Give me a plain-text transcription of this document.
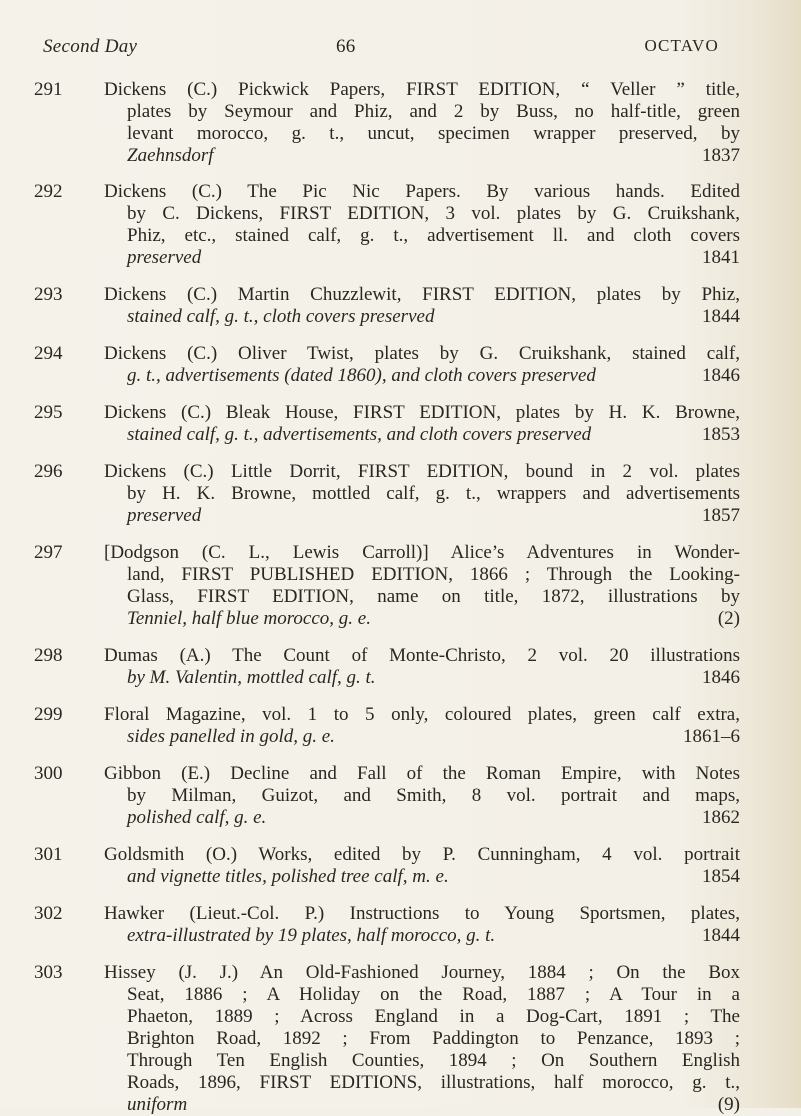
Second Day	66	OCTAVO
291	Dickens (C.) Pickwick Papers, FIRST EDITION, “ Veller ” title,
plates by Seymour and Phiz, and 2 by Buss, no half-title, green
levant morocco, g. t., uncut, specimen wrapper preserved, by
Zaehnsdorf	1837
292	Dickens (C.) The Pic Nic Papers. By various hands. Edited
by C. Dickens, FIRST EDITION, 3 vol. plates by G. Cruikshank,
Phiz, etc., stained calf, g. t., advertisement ll. and cloth covers
preserved	1841
293	Dickens (C.) Martin Chuzzlewit, FIRST EDITION, plates by Phiz,
stained calf, g. t., cloth covers preserved	1844
294	Dickens (C.) Oliver Twist, plates by G. Cruikshank, stained calf,
g. t., advertisements (dated 1860), and cloth covers preserved	1846
295	Dickens (C.) Bleak House, FIRST EDITION, plates by H. K. Browne,
stained calf, g. t., advertisements, and cloth covers preserved	1853
296	Dickens (C.) Little Dorrit, FIRST EDITION, bound in 2 vol. plates
by H. K. Browne, mottled calf, g. t., wrappers and advertisements
preserved	1857
297	[Dodgson (C. L., Lewis Carroll)] Alice’s Adventures in Wonder-
land, FIRST PUBLISHED EDITION, 1866 ; Through the Looking-
Glass, FIRST EDITION, name on title, 1872, illustrations by
Tenniel, half blue morocco, g. e.	(2)
298	Dumas (A.) The Count of Monte-Christo, 2 vol. 20 illustrations
by M. Valentin, mottled calf, g. t.	1846
299	Floral Magazine, vol. 1 to 5 only, coloured plates, green calf extra,
sides panelled in gold, g. e.	1861–6
300	Gibbon (E.) Decline and Fall of the Roman Empire, with Notes
by Milman, Guizot, and Smith, 8 vol. portrait and maps,
polished calf, g. e.	1862
301	Goldsmith (O.) Works, edited by P. Cunningham, 4 vol. portrait
and vignette titles, polished tree calf, m. e.	1854
302	Hawker (Lieut.-Col. P.) Instructions to Young Sportsmen, plates,
extra-illustrated by 19 plates, half morocco, g. t.	1844
303	Hissey (J. J.) An Old-Fashioned Journey, 1884 ; On the Box
Seat, 1886 ; A Holiday on the Road, 1887 ; A Tour in a
Phaeton, 1889 ; Across England in a Dog-Cart, 1891 ; The
Brighton Road, 1892 ; From Paddington to Penzance, 1893 ;
Through Ten English Counties, 1894 ; On Southern English
Roads, 1896, FIRST EDITIONS, illustrations, half morocco, g. t.,
uniform	(9)
